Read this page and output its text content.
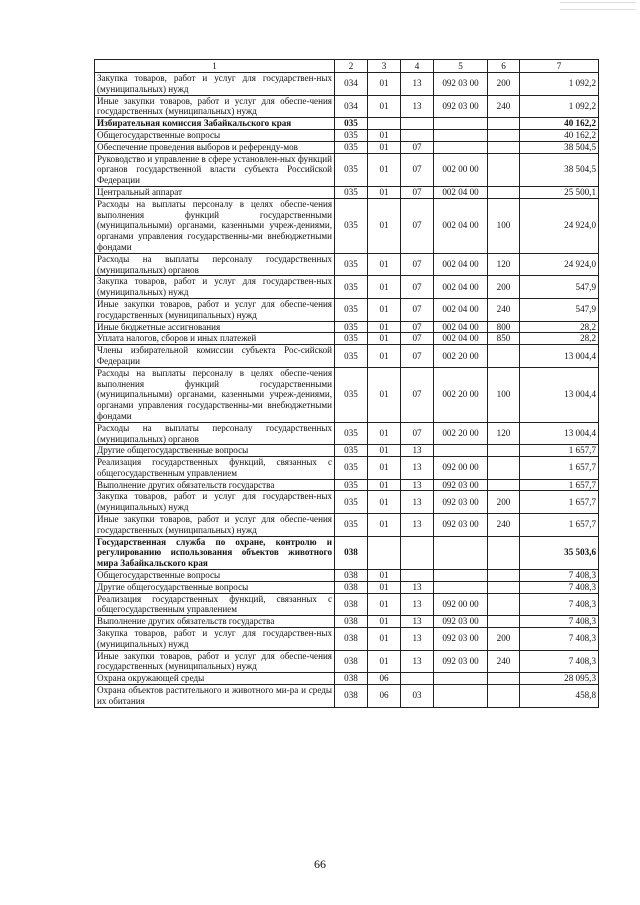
1	2	3	4	5	6	7
Закупка товаров, работ и услуг для государствен-ных (муниципальных) нужд	034	01	13	092 03 00	200	1 092,2
Иные закупки товаров, работ и услуг для обеспе-чения государственных (муниципальных) нужд	034	01	13	092 03 00	240	1 092,2
Избирательная комиссия Забайкальского края	035					40 162,2
Общегосударственные вопросы	035	01				40 162,2
Обеспечение проведения выборов и референду-мов	035	01	07			38 504,5
Руководство и управление в сфере установлен-ных функций органов государственной власти субъекта Российской Федерации	035	01	07	002 00 00		38 504,5
Центральный аппарат	035	01	07	002 04 00		25 500,1
Расходы на выплаты персоналу в целях обеспе-чения выполнения функций государственными (муниципальными) органами, казенными учреж-дениями, органами управления государственны-ми внебюджетными фондами	035	01	07	002 04 00	100	24 924,0
Расходы на выплаты персоналу государственных (муниципальных) органов	035	01	07	002 04 00	120	24 924,0
Закупка товаров, работ и услуг для государствен-ных (муниципальных) нужд	035	01	07	002 04 00	200	547,9
Иные закупки товаров, работ и услуг для обеспе-чения государственных (муниципальных) нужд	035	01	07	002 04 00	240	547,9
Иные бюджетные ассигнования	035	01	07	002 04 00	800	28,2
Уплата налогов, сборов и иных платежей	035	01	07	002 04 00	850	28,2
Члены избирательной комиссии субъекта Рос-сийской Федерации	035	01	07	002 20 00		13 004,4
Расходы на выплаты персоналу в целях обеспе-чения выполнения функций государственными (муниципальными) органами, казенными учреж-дениями, органами управления государственны-ми внебюджетными фондами	035	01	07	002 20 00	100	13 004,4
Расходы на выплаты персоналу государственных (муниципальных) органов	035	01	07	002 20 00	120	13 004,4
Другие общегосударственные вопросы	035	01	13			1 657,7
Реализация государственных функций, связанных с общегосударственным управлением	035	01	13	092 00 00		1 657,7
Выполнение других обязательств государства	035	01	13	092 03 00		1 657,7
Закупка товаров, работ и услуг для государствен-ных (муниципальных) нужд	035	01	13	092 03 00	200	1 657,7
Иные закупки товаров, работ и услуг для обеспе-чения государственных (муниципальных) нужд	035	01	13	092 03 00	240	1 657,7
Государственная служба по охране, контролю и регулированию использования объектов животного мира Забайкальского края	038					35 503,6
Общегосударственные вопросы	038	01				7 408,3
Другие общегосударственные вопросы	038	01	13			7 408,3
Реализация государственных функций, связанных с общегосударственным управлением	038	01	13	092 00 00		7 408,3
Выполнение других обязательств государства	038	01	13	092 03 00		7 408,3
Закупка товаров, работ и услуг для государствен-ных (муниципальных) нужд	038	01	13	092 03 00	200	7 408,3
Иные закупки товаров, работ и услуг для обеспе-чения государственных (муниципальных) нужд	038	01	13	092 03 00	240	7 408,3
Охрана окружающей среды	038	06				28 095,3
Охрана объектов растительного и животного ми-ра и среды их обитания	038	06	03			458,8
66
